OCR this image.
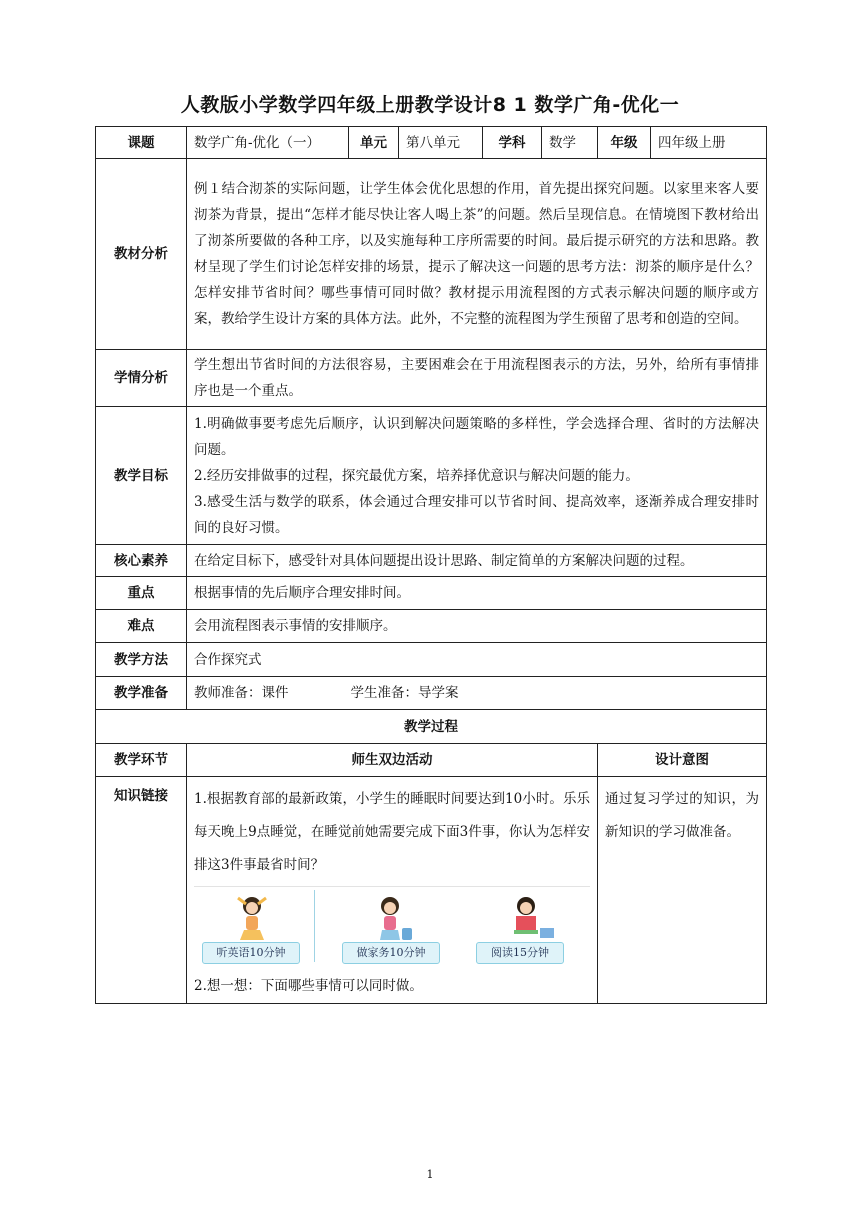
人教版小学数学四年级上册教学设计8 1 数学广角-优化一
课题	数学广角-优化（一）	单元	第八单元	学科	数学	年级	四年级上册
教材分析	例１结合沏茶的实际问题，让学生体会优化思想的作用，首先提出探究问题。以家里来客人要沏茶为背景，提出“怎样才能尽快让客人喝上茶”的问题。然后呈现信息。在情境图下教材给出了沏茶所要做的各种工序，以及实施每种工序所需要的时间。最后提示研究的方法和思路。教材呈现了学生们讨论怎样安排的场景，提示了解决这一问题的思考方法：沏茶的顺序是什么？怎样安排节省时间？哪些事情可同时做？教材提示用流程图的方式表示解决问题的顺序或方案，教给学生设计方案的具体方法。此外，不完整的流程图为学生预留了思考和创造的空间。						
学情分析	学生想出节省时间的方法很容易，主要困难会在于用流程图表示的方法，另外，给所有事情排序也是一个重点。						
教学目标	1.明确做事要考虑先后顺序，认识到解决问题策略的多样性，学会选择合理、省时的方法解决问题。
2.经历安排做事的过程，探究最优方案，培养择优意识与解决问题的能力。
3.感受生活与数学的联系，体会通过合理安排可以节省时间、提高效率，逐渐养成合理安排时间的良好习惯。						

核心素养	在给定目标下，感受针对具体问题提出设计思路、制定简单的方案解决问题的过程。						
重点	根据事情的先后顺序合理安排时间。						
难点	会用流程图表示事情的安排顺序。						
教学方法	合作探究式						
教学准备	教师准备：课件 学生准备：导学案						
教学过程							
教学环节	师生双边活动					设计意图	
知识链接	1.根据教育部的最新政策，小学生的睡眠时间要达到10小时。乐乐每天晚上9点睡觉，在睡觉前她需要完成下面3件事，你认为怎样安排这3件事最省时间？
听英语10分钟 做家务10分钟 阅读15分钟
2.想一想：下面哪些事情可以同时做。					通过复习学过的知识，为新知识的学习做准备。	
1
